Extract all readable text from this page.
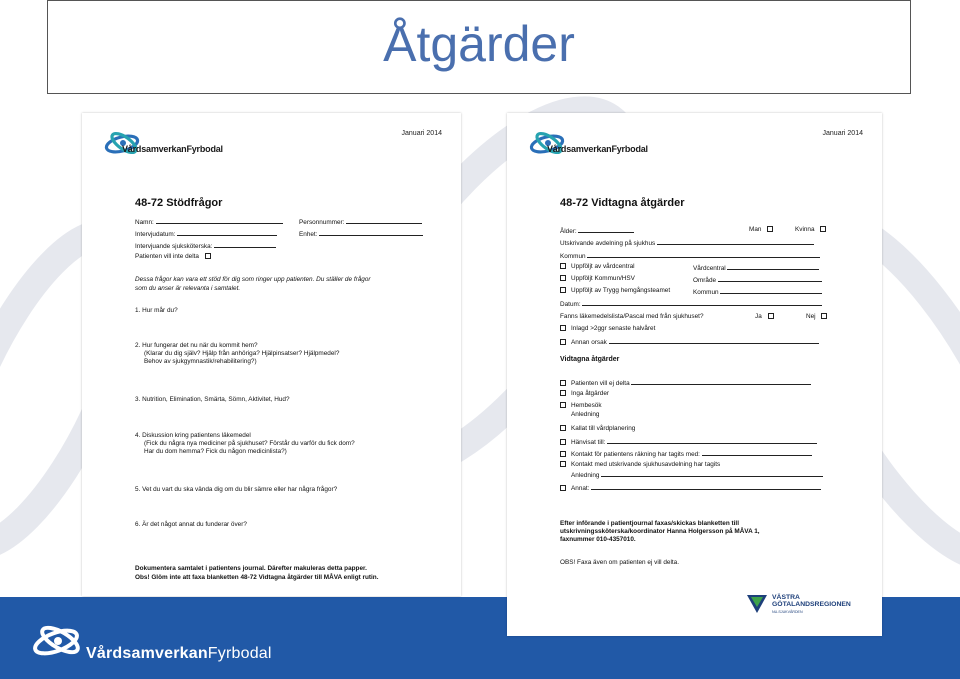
Åtgärder
VårdsamverkanFyrbodal
VårdsamverkanFyrbodal
Januari 2014
48-72 Stödfrågor
Namn:	Personnummer:
Intervjudatum:	Enhet:
Intervjuande sjuksköterska:
Patienten vill inte delta
Dessa frågor kan vara ett stöd för dig som ringer upp patienten. Du ställer de frågor
som du anser är relevanta i samtalet.
1. Hur mår du?
2. Hur fungerar det nu när du kommit hem?
(Klarar du dig själv? Hjälp från anhöriga? Hjälpinsatser? Hjälpmedel?
Behov av sjukgymnastik/rehabilitering?)
3. Nutrition, Elimination, Smärta, Sömn, Aktivitet, Hud?
4. Diskussion kring patientens läkemedel
(Fick du några nya mediciner på sjukhuset? Förstår du varför du fick dom?
Har du dom hemma? Fick du någon medicinlista?)
5. Vet du vart du ska vända dig om du blir sämre eller har några frågor?
6. Är det något annat du funderar över?
Dokumentera samtalet i patientens journal. Därefter makuleras detta papper.
Obs! Glöm inte att faxa blanketten 48-72 Vidtagna åtgärder till MÅVA enligt rutin.
VårdsamverkanFyrbodal
Januari 2014
48-72 Vidtagna åtgärder
Ålder:	Man	Kvinna
Utskrivande avdelning på sjukhus
Kommun
Uppföljt av vårdcentral	Vårdcentral
Uppföljt Kommun/HSV	Område
Uppföljt av Trygg hemgångsteamet	Kommun
Datum:
Fanns läkemedelslista/Pascal med från sjukhuset?	Ja	Nej
Inlagd >2ggr senaste halvåret
Annan orsak
Vidtagna åtgärder
Patienten vill ej delta
Inga åtgärder
Hembesök
Anledning
Kallat till vårdplanering
Hänvisat till:
Kontakt för patientens räkning har tagits med:
Kontakt med utskrivande sjukhusavdelning har tagits
Anledning
Annat:
Efter införande i patientjournal faxas/skickas blanketten till
utskrivningssköterska/koordinator Hanna Holgersson på MÅVA 1,
faxnummer 010-4357010.
OBS! Faxa även om patienten ej vill delta.
VÄSTRA
GÖTALANDSREGIONEN
NU-SJUKVÅRDEN
